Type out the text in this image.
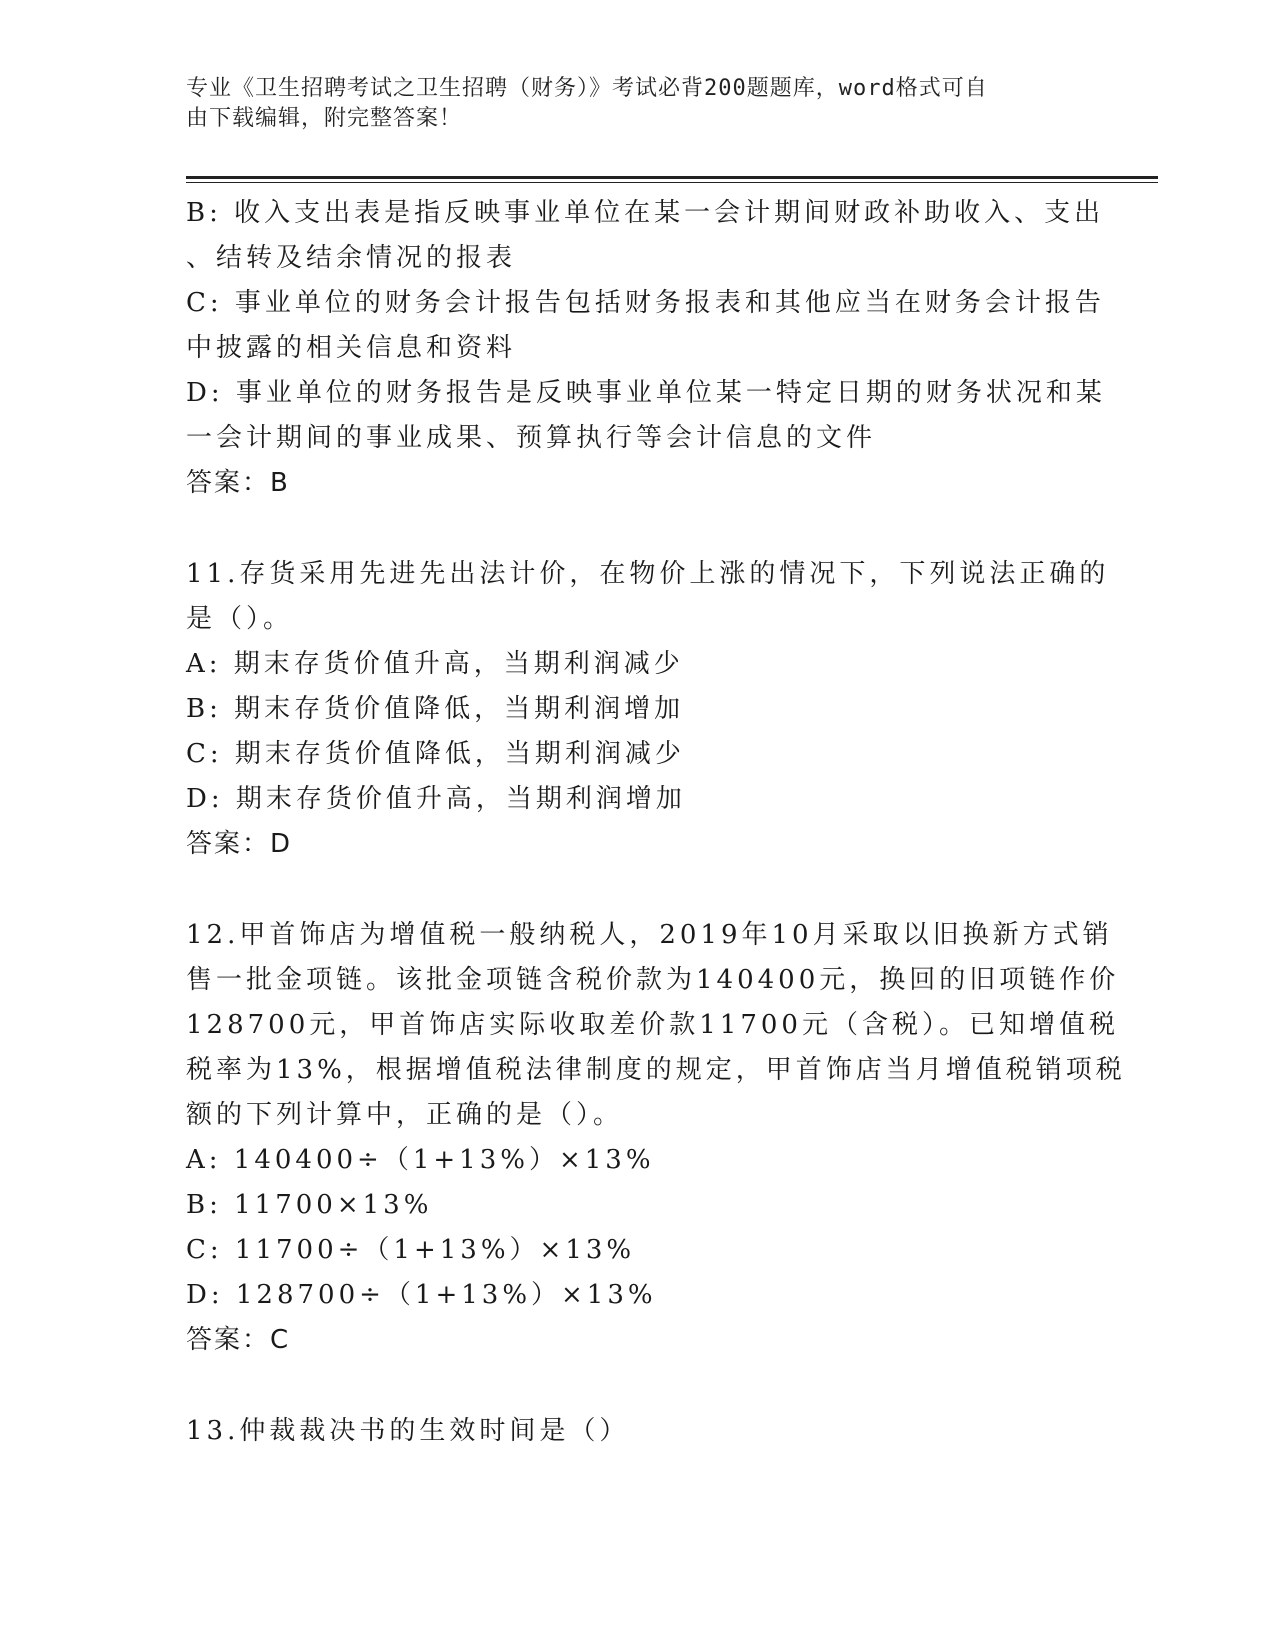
专业《卫生招聘考试之卫生招聘（财务）》考试必背200题题库，word格式可自
由下载编辑，附完整答案！
B: 收入支出表是指反映事业单位在某一会计期间财政补助收入、支出
、结转及结余情况的报表
C: 事业单位的财务会计报告包括财务报表和其他应当在财务会计报告
中披露的相关信息和资料
D: 事业单位的财务报告是反映事业单位某一特定日期的财务状况和某
一会计期间的事业成果、预算执行等会计信息的文件
答案：B
11.存货采用先进先出法计价，在物价上涨的情况下，下列说法正确的
是（）。
A: 期末存货价值升高，当期利润减少
B: 期末存货价值降低，当期利润增加
C: 期末存货价值降低，当期利润减少
D: 期末存货价值升高，当期利润增加
答案：D
12.甲首饰店为增值税一般纳税人，2019年10月采取以旧换新方式销
售一批金项链。该批金项链含税价款为140400元，换回的旧项链作价
128700元，甲首饰店实际收取差价款11700元（含税）。已知增值税
税率为13%，根据增值税法律制度的规定，甲首饰店当月增值税销项税
额的下列计算中，正确的是（）。
A: 140400÷（1+13%）×13%
B: 11700×13%
C: 11700÷（1+13%）×13%
D: 128700÷（1+13%）×13%
答案：C
13.仲裁裁决书的生效时间是（）
